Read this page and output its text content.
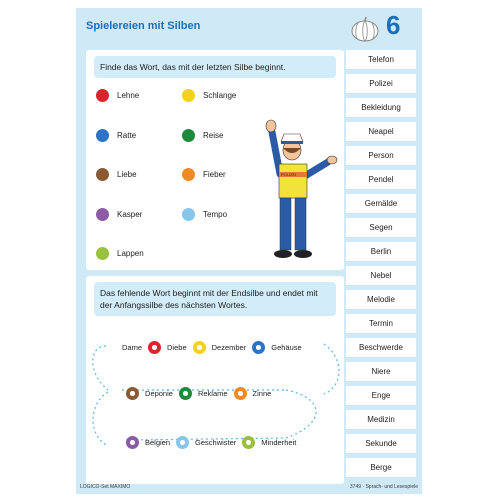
Spielereien mit Silben	6
Finde das Wort, das mit der letzten Silbe beginnt.
Lehne	Schlange
Ratte	Reise
Liebe	Fieber
Kasper	Tempo
Lappen
POLIZEI
Das fehlende Wort beginnt mit der Endsilbe und endet mit der Anfangssilbe des nächsten Wortes.
Dame	Diebe	Dezember	Gehäuse
Deponie	Reklame	Zinne
Belgien	Geschwister	Minderheit
Telefon
Polizei
Bekleidung
Neapel
Person
Pendel
Gemälde
Segen
Berlin
Nebel
Melodie
Termin
Beschwerde
Niere
Enge
Medizin
Sekunde
Berge
LOGICO-Set MAXIMO	3749 · Sprach- und Lesespiele
